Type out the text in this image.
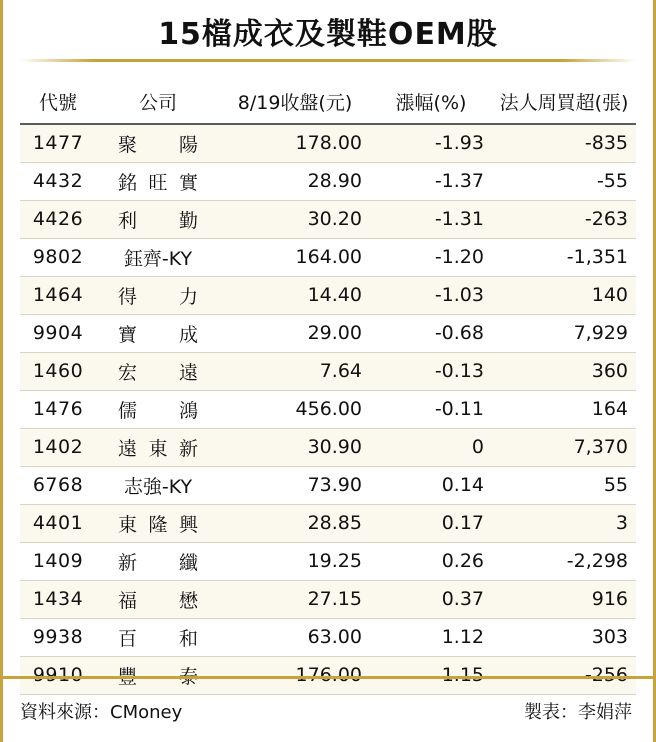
15檔成衣及製鞋OEM股
代號	公司	8/19收盤(元)	漲幅(%)	法人周買超(張)
1477	聚陽	178.00	-1.93	-835
4432	銘旺實	28.90	-1.37	-55
4426	利勤	30.20	-1.31	-263
9802	鈺齊-KY	164.00	-1.20	-1,351
1464	得力	14.40	-1.03	140
9904	寶成	29.00	-0.68	7,929
1460	宏遠	7.64	-0.13	360
1476	儒鴻	456.00	-0.11	164
1402	遠東新	30.90	0	7,370
6768	志強-KY	73.90	0.14	55
4401	東隆興	28.85	0.17	3
1409	新纖	19.25	0.26	-2,298
1434	福懋	27.15	0.37	916
9938	百和	63.00	1.12	303
9910	豐泰	176.00	1.15	-256
資料來源：CMoney	製表：李娟萍
